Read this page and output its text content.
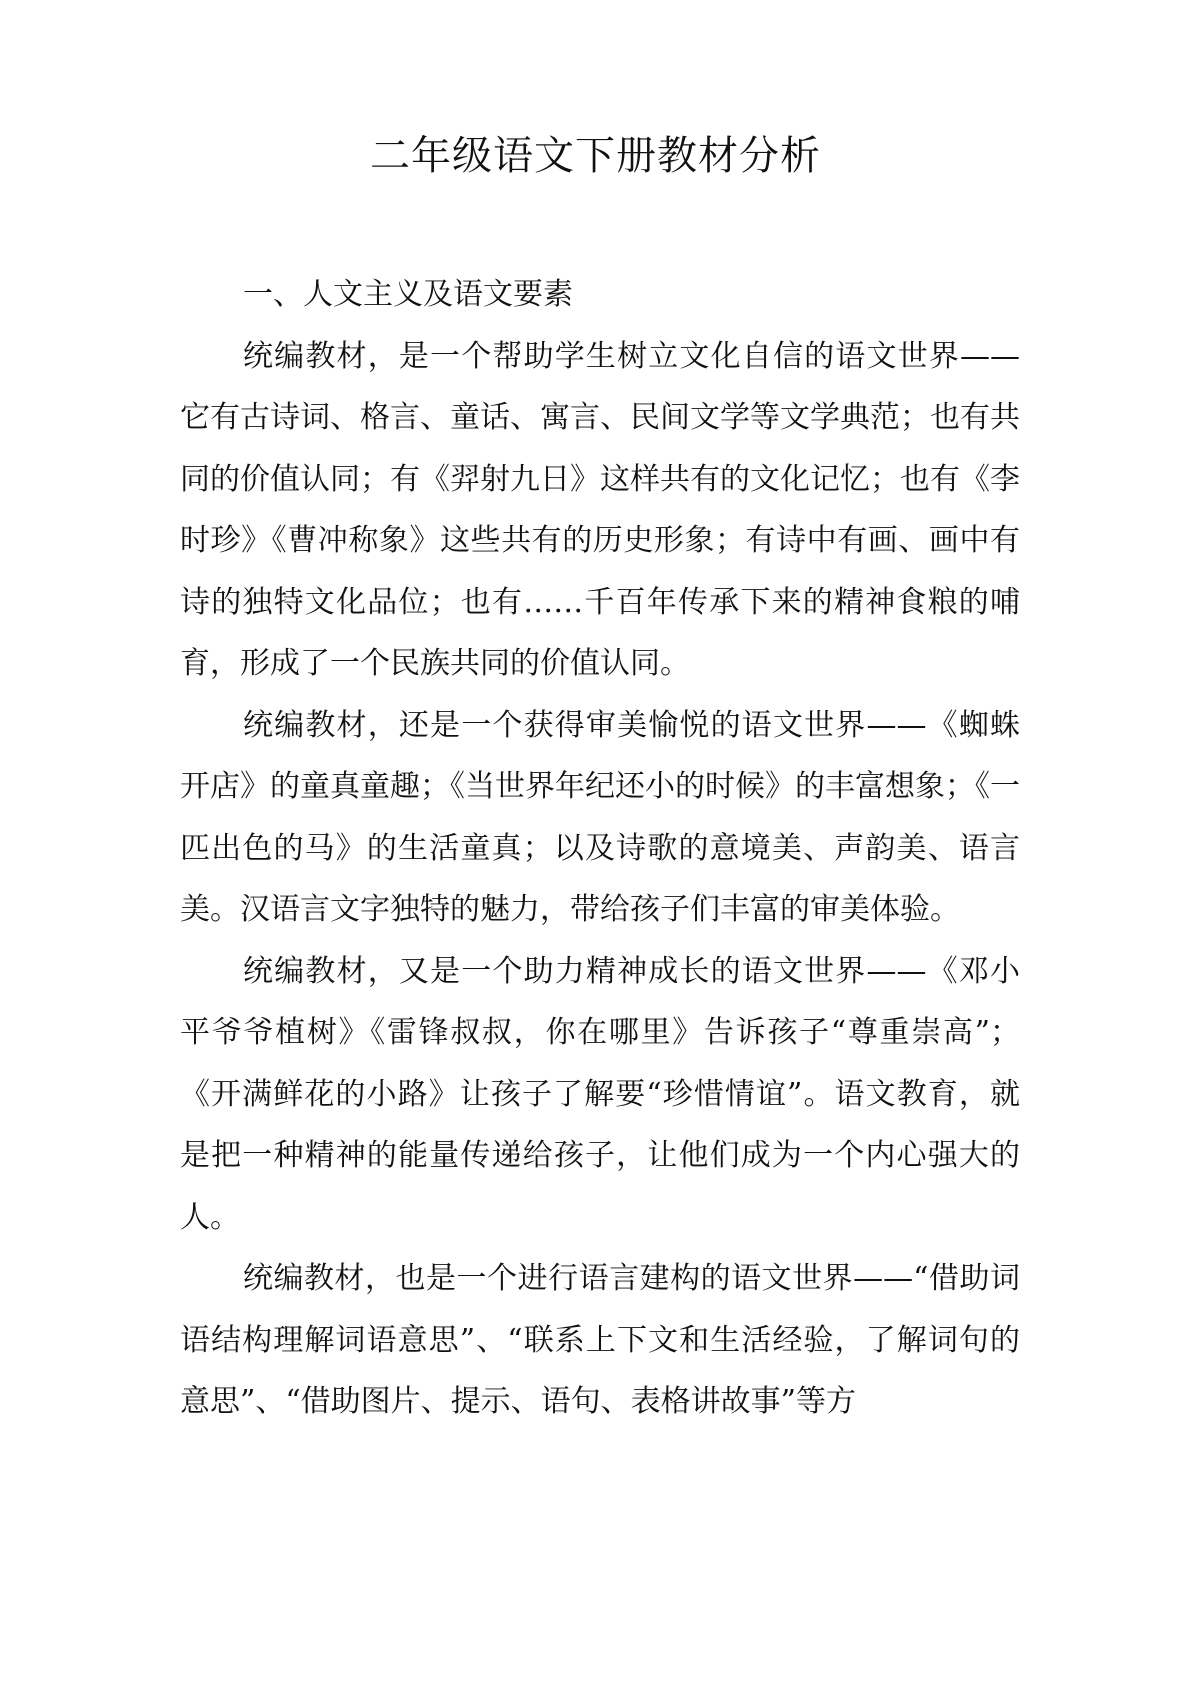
二年级语文下册教材分析

一、人文主义及语文要素

统编教材，是一个帮助学生树立文化自信的语文世界——它有古诗词、格言、童话、寓言、民间文学等文学典范；也有共同的价值认同；有《羿射九日》这样共有的文化记忆；也有《李时珍》《曹冲称象》这些共有的历史形象；有诗中有画、画中有诗的独特文化品位；也有……千百年传承下来的精神食粮的哺育，形成了一个民族共同的价值认同。

统编教材，还是一个获得审美愉悦的语文世界——《蜘蛛开店》的童真童趣；《当世界年纪还小的时候》的丰富想象；《一匹出色的马》的生活童真；以及诗歌的意境美、声韵美、语言美。汉语言文字独特的魅力，带给孩子们丰富的审美体验。

统编教材，又是一个助力精神成长的语文世界——《邓小平爷爷植树》《雷锋叔叔，你在哪里》告诉孩子“尊重崇高”；《开满鲜花的小路》让孩子了解要“珍惜情谊”。语文教育，就是把一种精神的能量传递给孩子，让他们成为一个内心强大的人。

统编教材，也是一个进行语言建构的语文世界——“借助词语结构理解词语意思”、“联系上下文和生活经验，了解词句的意思”、“借助图片、提示、语句、表格讲故事”等方
